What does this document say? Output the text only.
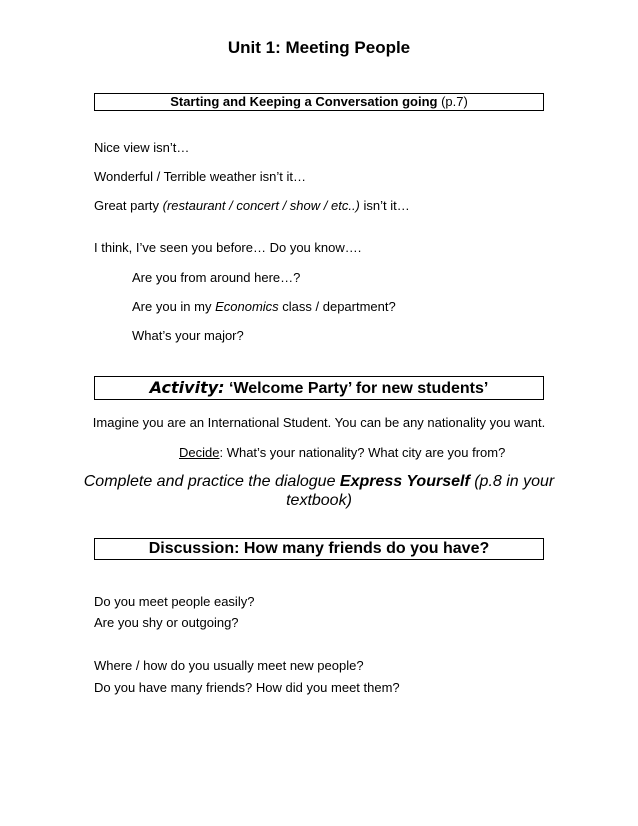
Unit 1: Meeting People
Starting and Keeping a Conversation going (p.7)
Nice view isn’t…
Wonderful / Terrible weather isn’t it…
Great party (restaurant / concert / show / etc..) isn’t it…
I think, I’ve seen you before… Do you know….
Are you from around here…?
Are you in my Economics class / department?
What’s your major?
Activity: ‘Welcome Party’ for new students’
Imagine you are an International Student. You can be any nationality you want.
Decide: What’s your nationality? What city are you from?
Complete and practice the dialogue Express Yourself (p.8 in your
textbook)
Discussion: How many friends do you have?
Do you meet people easily?
Are you shy or outgoing?
Where / how do you usually meet new people?
Do you have many friends? How did you meet them?
